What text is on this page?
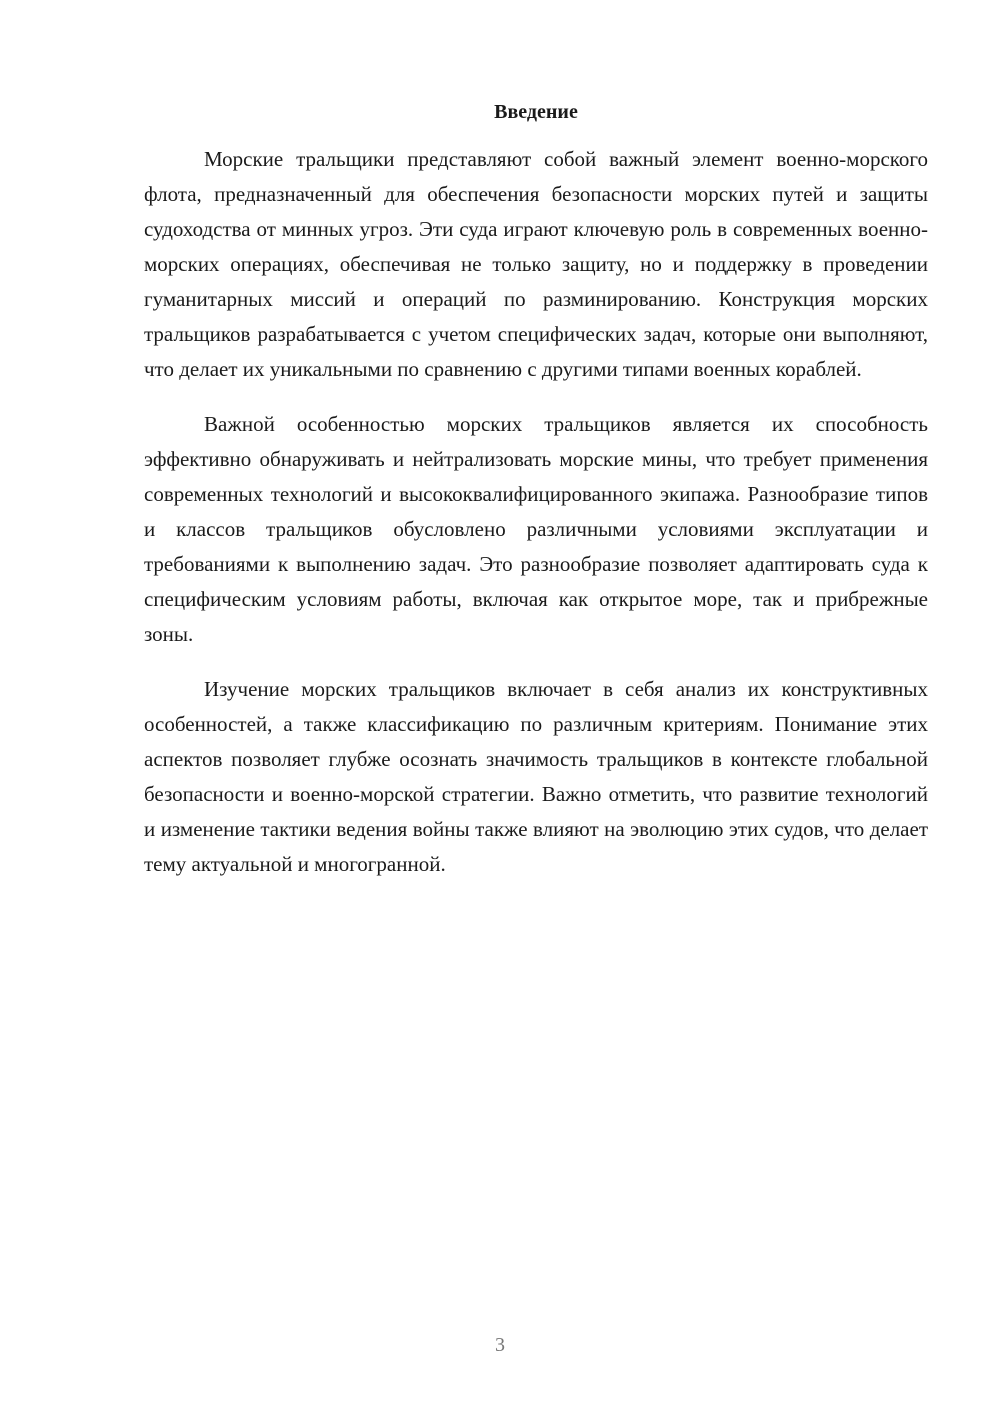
Введение

Морские тральщики представляют собой важный элемент военно-морского флота, предназначенный для обеспечения безопасности морских путей и защиты судоходства от минных угроз. Эти суда играют ключевую роль в современных военно-морских операциях, обеспечивая не только защиту, но и поддержку в проведении гуманитарных миссий и операций по разминированию. Конструкция морских тральщиков разрабатывается с учетом специфических задач, которые они выполняют, что делает их уникальными по сравнению с другими типами военных кораблей.

Важной особенностью морских тральщиков является их способность эффективно обнаруживать и нейтрализовать морские мины, что требует применения современных технологий и высококвалифицированного экипажа. Разнообразие типов и классов тральщиков обусловлено различными условиями эксплуатации и требованиями к выполнению задач. Это разнообразие позволяет адаптировать суда к специфическим условиям работы, включая как открытое море, так и прибрежные зоны.

Изучение морских тральщиков включает в себя анализ их конструктивных особенностей, а также классификацию по различным критериям. Понимание этих аспектов позволяет глубже осознать значимость тральщиков в контексте глобальной безопасности и военно-морской стратегии. Важно отметить, что развитие технологий и изменение тактики ведения войны также влияют на эволюцию этих судов, что делает тему актуальной и многогранной.

3
